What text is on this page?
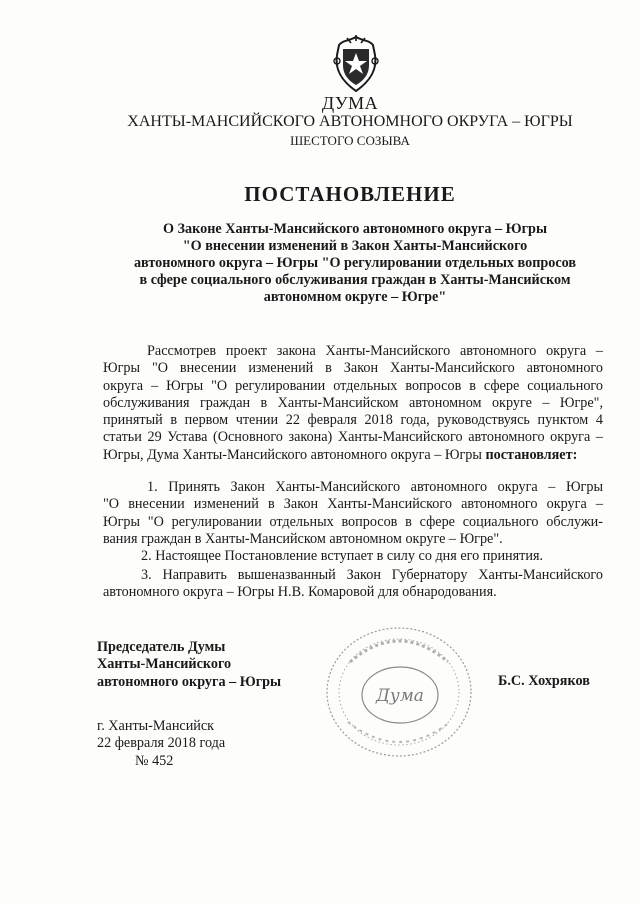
ДУМА
ХАНТЫ-МАНСИЙСКОГО АВТОНОМНОГО ОКРУГА – ЮГРЫ
ШЕСТОГО СОЗЫВА
ПОСТАНОВЛЕНИЕ
О Законе Ханты-Мансийского автономного округа – Югры
"О внесении изменений в Закон Ханты-Мансийского
автономного округа – Югры "О регулировании отдельных вопросов
в сфере социального обслуживания граждан в Ханты-Мансийском
автономном округе – Югре"
Рассмотрев проект закона Ханты-Мансийского автономного округа –
Югры "О внесении изменений в Закон Ханты-Мансийского автономного
округа – Югры "О регулировании отдельных вопросов в сфере социального
обслуживания граждан в Ханты-Мансийском автономном округе – Югре",
принятый в первом чтении 22 февраля 2018 года, руководствуясь пунктом 4
статьи 29 Устава (Основного закона) Ханты-Мансийского автономного округа –
Югры, Дума Ханты-Мансийского автономного округа – Югры постановляет:
1. Принять Закон Ханты-Мансийского автономного округа – Югры
"О внесении изменений в Закон Ханты-Мансийского автономного округа –
Югры "О регулировании отдельных вопросов в сфере социального обслужи-
вания граждан в Ханты-Мансийском автономном округе – Югре".
2. Настоящее Постановление вступает в силу со дня его принятия.
3. Направить вышеназванный Закон Губернатору Ханты-Мансийского
автономного округа – Югры Н.В. Комаровой для обнародования.
Председатель Думы
Ханты-Мансийского
автономного округа – Югры
Дума
Б.С. Хохряков
г. Ханты-Мансийск
22 февраля 2018 года
№ 452
